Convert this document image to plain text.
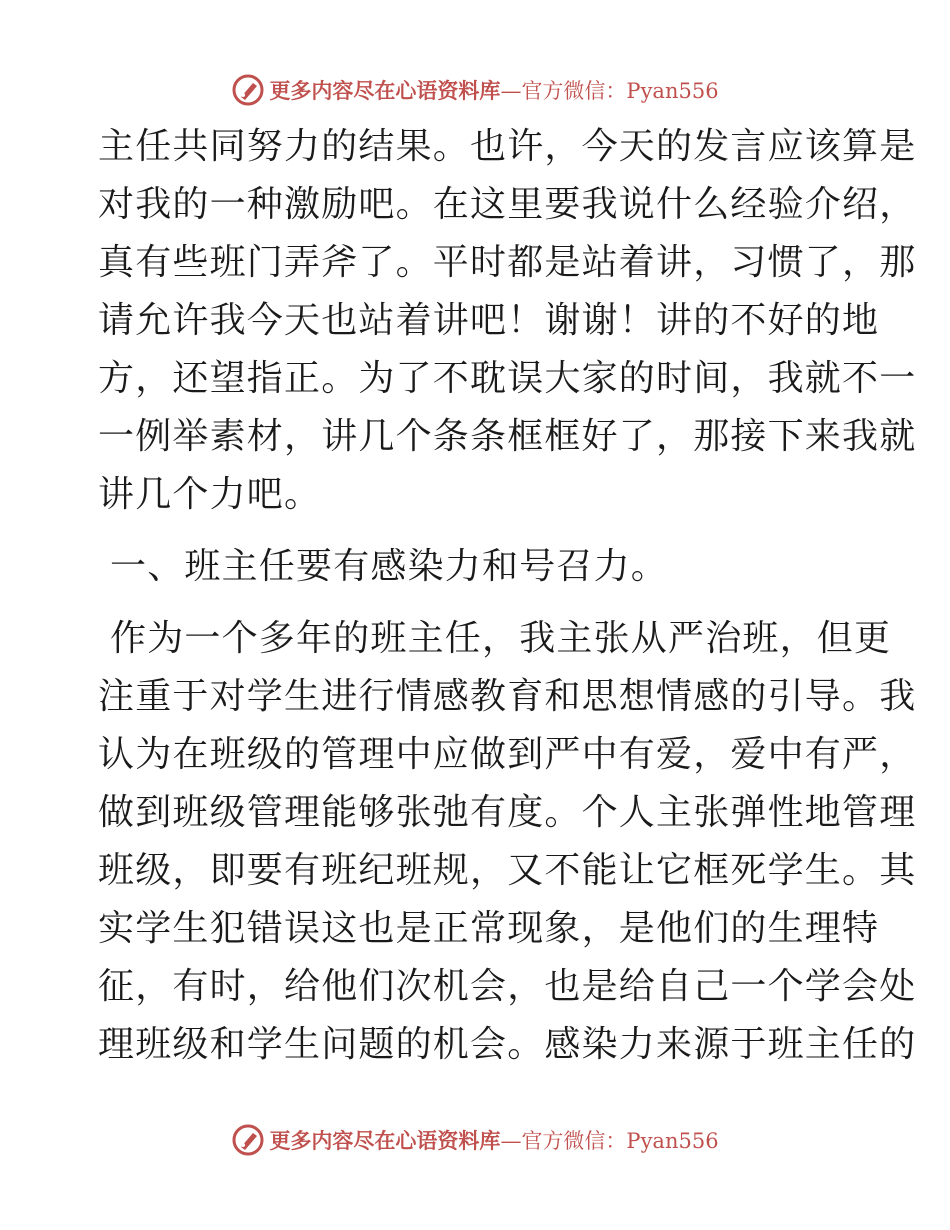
更多内容尽在心语资料库—官方微信：Pyan556
主任共同努力的结果。也许，今天的发言应该算是
对我的一种激励吧。在这里要我说什么经验介绍，
真有些班门弄斧了。平时都是站着讲，习惯了，那
请允许我今天也站着讲吧！谢谢！讲的不好的地
方，还望指正。为了不耽误大家的时间，我就不一
一例举素材，讲几个条条框框好了，那接下来我就
讲几个力吧。
一、班主任要有感染力和号召力。
作为一个多年的班主任，我主张从严治班，但更
注重于对学生进行情感教育和思想情感的引导。我
认为在班级的管理中应做到严中有爱，爱中有严，
做到班级管理能够张弛有度。个人主张弹性地管理
班级，即要有班纪班规，又不能让它框死学生。其
实学生犯错误这也是正常现象，是他们的生理特
征，有时，给他们次机会，也是给自己一个学会处
理班级和学生问题的机会。感染力来源于班主任的
更多内容尽在心语资料库—官方微信：Pyan556
